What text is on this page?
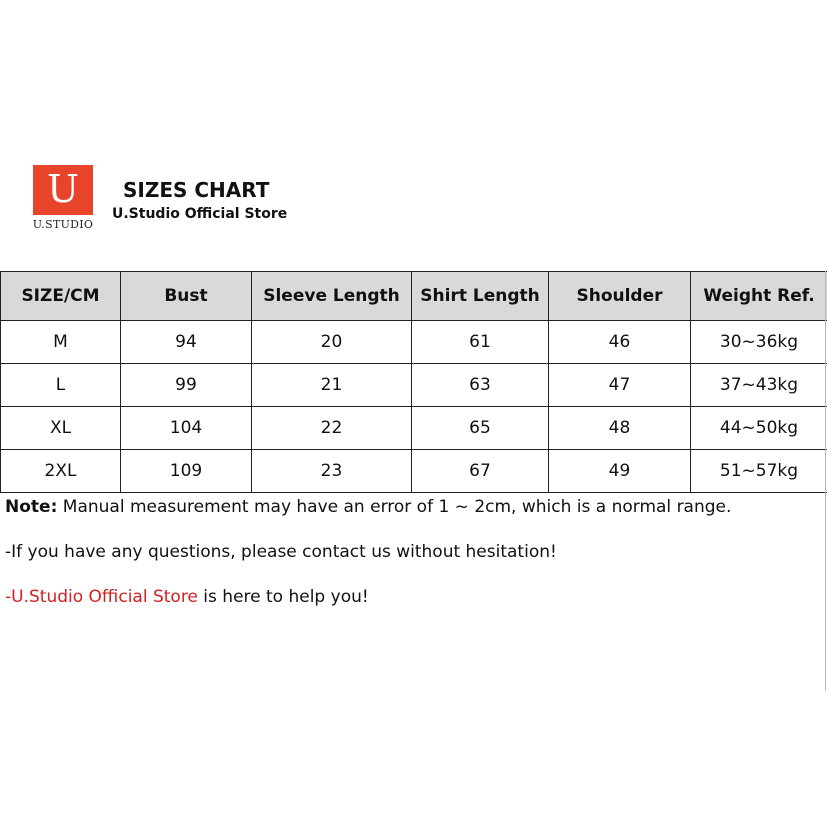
U
U.STUDIO
SIZES CHART
U.Studio Official Store
SIZE/CM	Bust	Sleeve Length	Shirt Length	Shoulder	Weight Ref.
M	94	20	61	46	30~36kg
L	99	21	63	47	37~43kg
XL	104	22	65	48	44~50kg
2XL	109	23	67	49	51~57kg
Note: Manual measurement may have an error of 1 ~ 2cm, which is a normal range.
-If you have any questions, please contact us without hesitation!
-U.Studio Official Store is here to help you!
